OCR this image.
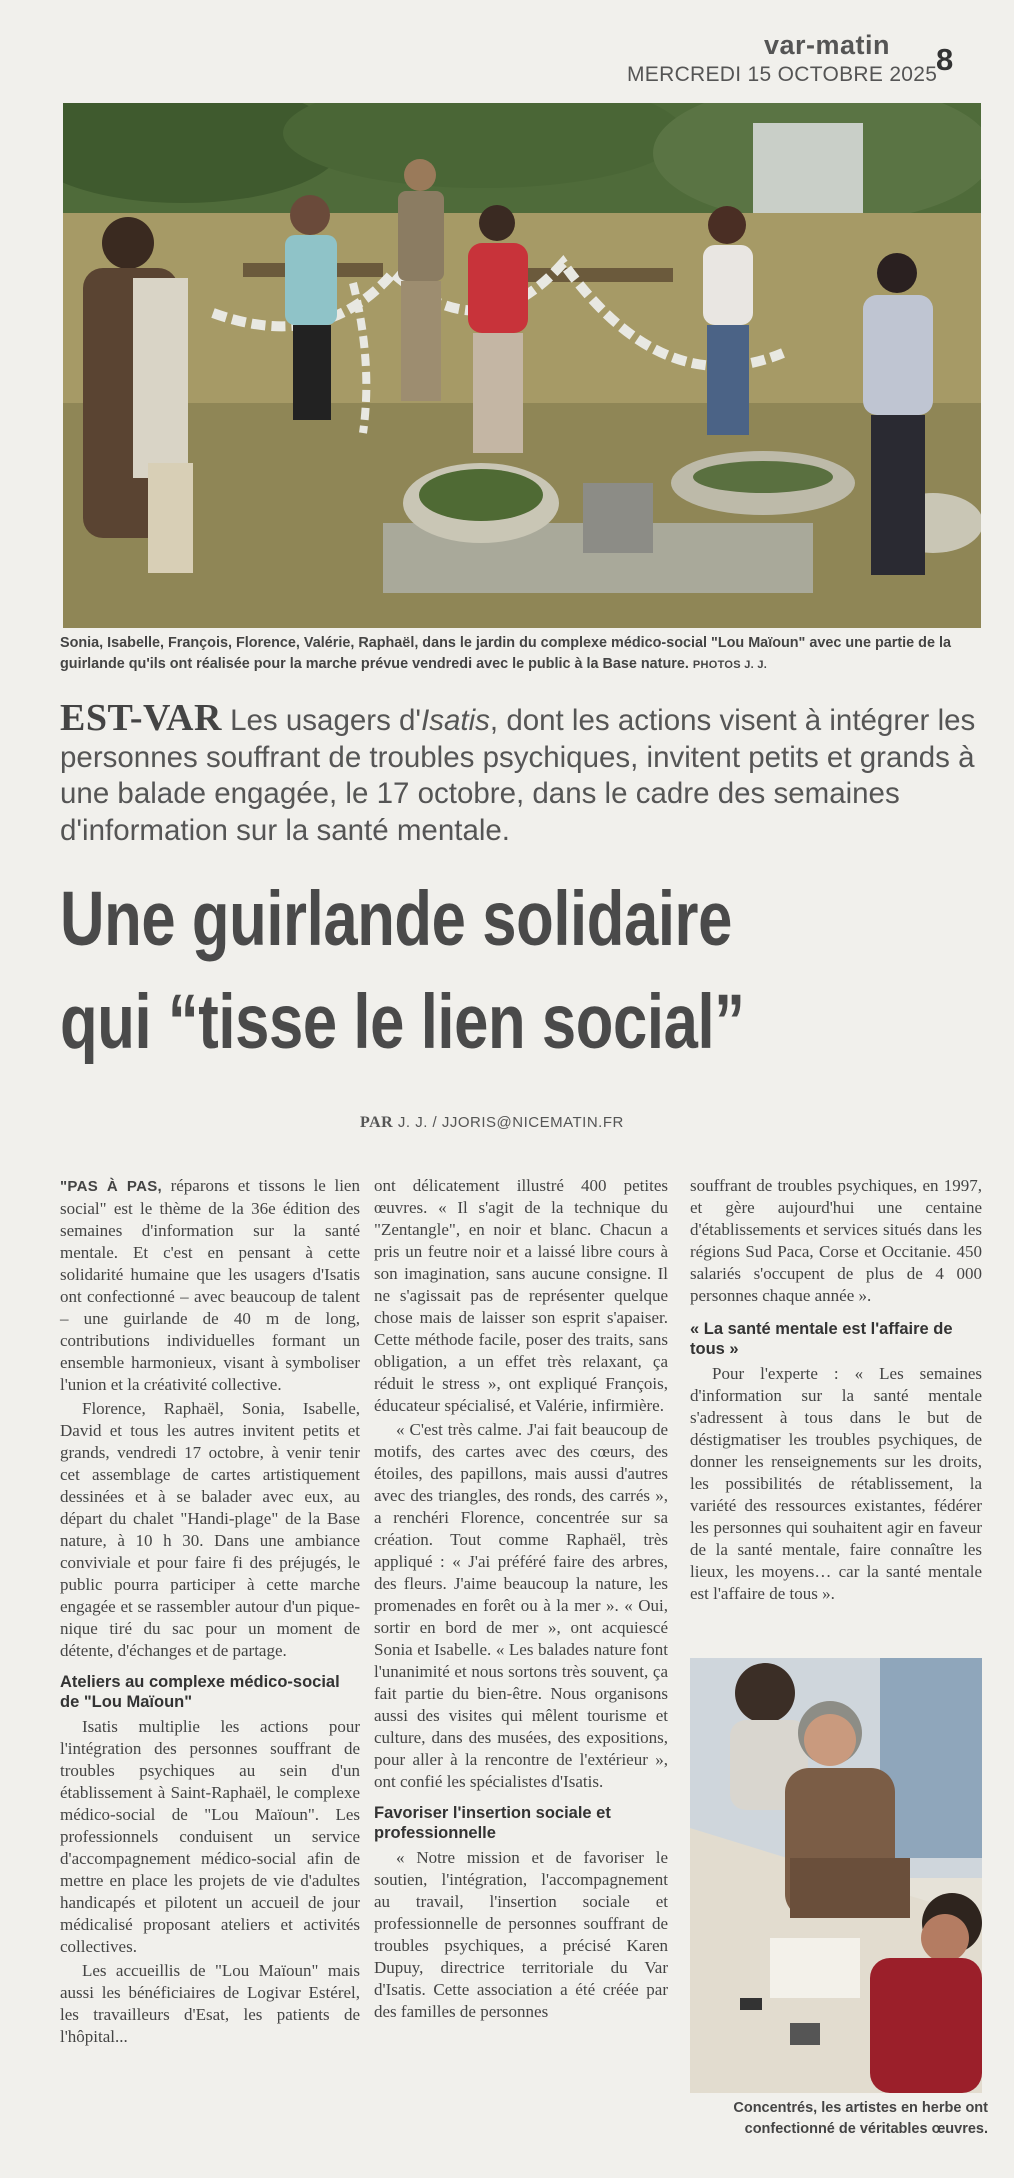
var-matin 8
MERCREDI 15 OCTOBRE 2025
Sonia, Isabelle, François, Florence, Valérie, Raphaël, dans le jardin du complexe médico-social "Lou Maïoun" avec une partie de la guirlande qu'ils ont réalisée pour la marche prévue vendredi avec le public à la Base nature. PHOTOS J. J.
EST-VAR Les usagers d'Isatis, dont les actions visent à intégrer les personnes souffrant de troubles psychiques, invitent petits et grands à une balade engagée, le 17 octobre, dans le cadre des semaines d'information sur la santé mentale.
Une guirlande solidaire
qui “tisse le lien social”
PAR J. J. / JJORIS@NICEMATIN.FR

"PAS À PAS, réparons et tissons le lien social" est le thème de la 36e édition des semaines d'information sur la santé mentale. Et c'est en pensant à cette solidarité humaine que les usagers d'Isatis ont confectionné – avec beaucoup de talent – une guirlande de 40 m de long, contributions individuelles formant un ensemble harmonieux, visant à symboliser l'union et la créativité collective.

Florence, Raphaël, Sonia, Isabelle, David et tous les autres invitent petits et grands, vendredi 17 octobre, à venir tenir cet assemblage de cartes artistiquement dessinées et à se balader avec eux, au départ du chalet "Handi-plage" de la Base nature, à 10 h 30. Dans une ambiance conviviale et pour faire fi des préjugés, le public pourra participer à cette marche engagée et se rassembler autour d'un pique-nique tiré du sac pour un moment de détente, d'échanges et de partage.

Ateliers au complexe médico-social de "Lou Maïoun"

Isatis multiplie les actions pour l'intégration des personnes souffrant de troubles psychiques au sein d'un établissement à Saint-Raphaël, le complexe médico-social de "Lou Maïoun". Les professionnels conduisent un service d'accompagnement médico-social afin de mettre en place les projets de vie d'adultes handicapés et pilotent un accueil de jour médicalisé proposant ateliers et activités collectives.

Les accueillis de "Lou Maïoun" mais aussi les bénéficiaires de Logivar Estérel, les travailleurs d'Esat, les patients de l'hôpital...

ont délicatement illustré 400 petites œuvres. « Il s'agit de la technique du "Zentangle", en noir et blanc. Chacun a pris un feutre noir et a laissé libre cours à son imagination, sans aucune consigne. Il ne s'agissait pas de représenter quelque chose mais de laisser son esprit s'apaiser. Cette méthode facile, poser des traits, sans obligation, a un effet très relaxant, ça réduit le stress », ont expliqué François, éducateur spécialisé, et Valérie, infirmière.

« C'est très calme. J'ai fait beaucoup de motifs, des cartes avec des cœurs, des étoiles, des papillons, mais aussi d'autres avec des triangles, des ronds, des carrés », a renchéri Florence, concentrée sur sa création. Tout comme Raphaël, très appliqué : « J'ai préféré faire des arbres, des fleurs. J'aime beaucoup la nature, les promenades en forêt ou à la mer ». « Oui, sortir en bord de mer », ont acquiescé Sonia et Isabelle. « Les balades nature font l'unanimité et nous sortons très souvent, ça fait partie du bien-être. Nous organisons aussi des visites qui mêlent tourisme et culture, dans des musées, des expositions, pour aller à la rencontre de l'extérieur », ont confié les spécialistes d'Isatis.

Favoriser l'insertion sociale et professionnelle

« Notre mission et de favoriser le soutien, l'intégration, l'accompagnement au travail, l'insertion sociale et professionnelle de personnes souffrant de troubles psychiques, a précisé Karen Dupuy, directrice territoriale du Var d'Isatis. Cette association a été créée par des familles de personnes

souffrant de troubles psychiques, en 1997, et gère aujourd'hui une centaine d'établissements et services situés dans les régions Sud Paca, Corse et Occitanie. 450 salariés s'occupent de plus de 4 000 personnes chaque année ».

« La santé mentale est l'affaire de tous »

Pour l'experte : « Les semaines d'information sur la santé mentale s'adressent à tous dans le but de déstigmatiser les troubles psychiques, de donner les renseignements sur les droits, les possibilités de rétablissement, la variété des ressources existantes, fédérer les personnes qui souhaitent agir en faveur de la santé mentale, faire connaître les lieux, les moyens… car la santé mentale est l'affaire de tous ».

Concentrés, les artistes en herbe ont confectionné de véritables œuvres.
